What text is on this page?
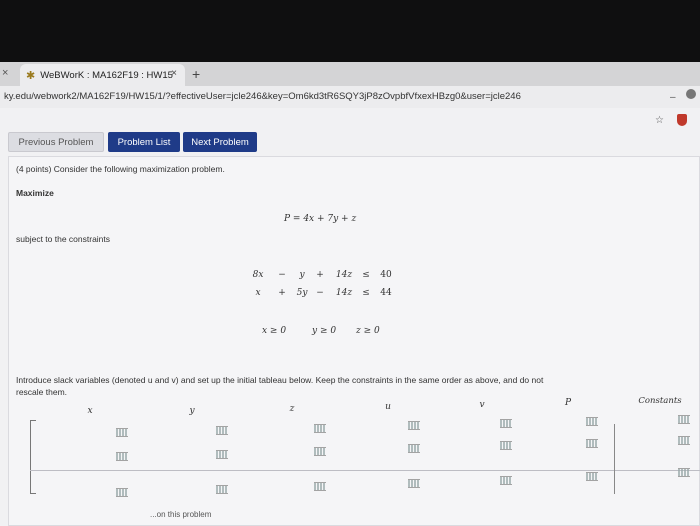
× ✱ WeBWorK : MA162F19 : HW15
× +
ky.edu/webwork2/MA162F19/HW15/1/?effectiveUser=jcle246&key=Om6kd3tR6SQY3jP8zOvpbfVfxexHBzg0&user=jcle246	–
☆
Previous Problem	Problem List	Next Problem
(4 points) Consider the following maximization problem.
Maximize
P = 4x + 7y + z
subject to the constraints
8x − y + 14z ≤ 40
x + 5y − 14z ≤ 44
x ≥ 0	y ≥ 0 z ≥ 0
Introduce slack variables (denoted u and v) and set up the initial tableau below. Keep the constraints in the same order as above, and do not
rescale them.
x	y	z	u	v	P	Constants
...on this problem
